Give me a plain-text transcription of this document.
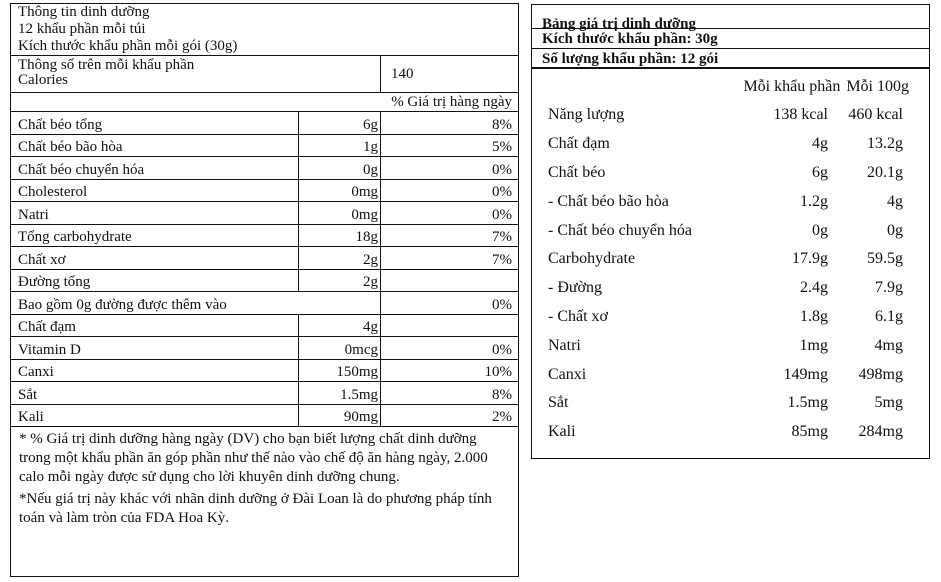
Thông tin dinh dưỡng
12 khẩu phần mỗi túi
Kích thước khẩu phần mỗi gói (30g)
Thông số trên mỗi khẩu phần
Calories	140
% Giá trị hàng ngày
Chất béo tổng	6g	8%
Chất béo bão hòa	1g	5%
Chất béo chuyển hóa	0g	0%
Cholesterol	0mg	0%
Natri	0mg	0%
Tổng carbohydrate	18g	7%
Chất xơ	2g	7%
Đường tổng	2g
Bao gồm 0g đường được thêm vào	0%
Chất đạm	4g
Vitamin D	0mcg	0%
Canxi	150mg	10%
Sắt	1.5mg	8%
Kali	90mg	2%

* % Giá trị dinh dưỡng hàng ngày (DV) cho bạn biết lượng chất dinh dưỡng trong một khẩu phần ăn góp phần như thế nào vào chế độ ăn hàng ngày, 2.000 calo mỗi ngày được sử dụng cho lời khuyên dinh dưỡng chung.

*Nếu giá trị này khác với nhãn dinh dưỡng ở Đài Loan là do phương pháp tính toán và làm tròn của FDA Hoa Kỳ.

Bảng giá trị dinh dưỡng
Kích thước khẩu phần: 30g
Số lượng khẩu phần: 12 gói
Mỗi khẩu phần Mỗi 100g
Năng lượng	138 kcal	460 kcal
Chất đạm	4g	13.2g
Chất béo	6g	20.1g
- Chất béo bão hòa	1.2g	4g
- Chất béo chuyển hóa	0g	0g
Carbohydrate	17.9g	59.5g
- Đường	2.4g	7.9g
- Chất xơ	1.8g	6.1g
Natri	1mg	4mg
Canxi	149mg	498mg
Sắt	1.5mg	5mg
Kali	85mg	284mg
